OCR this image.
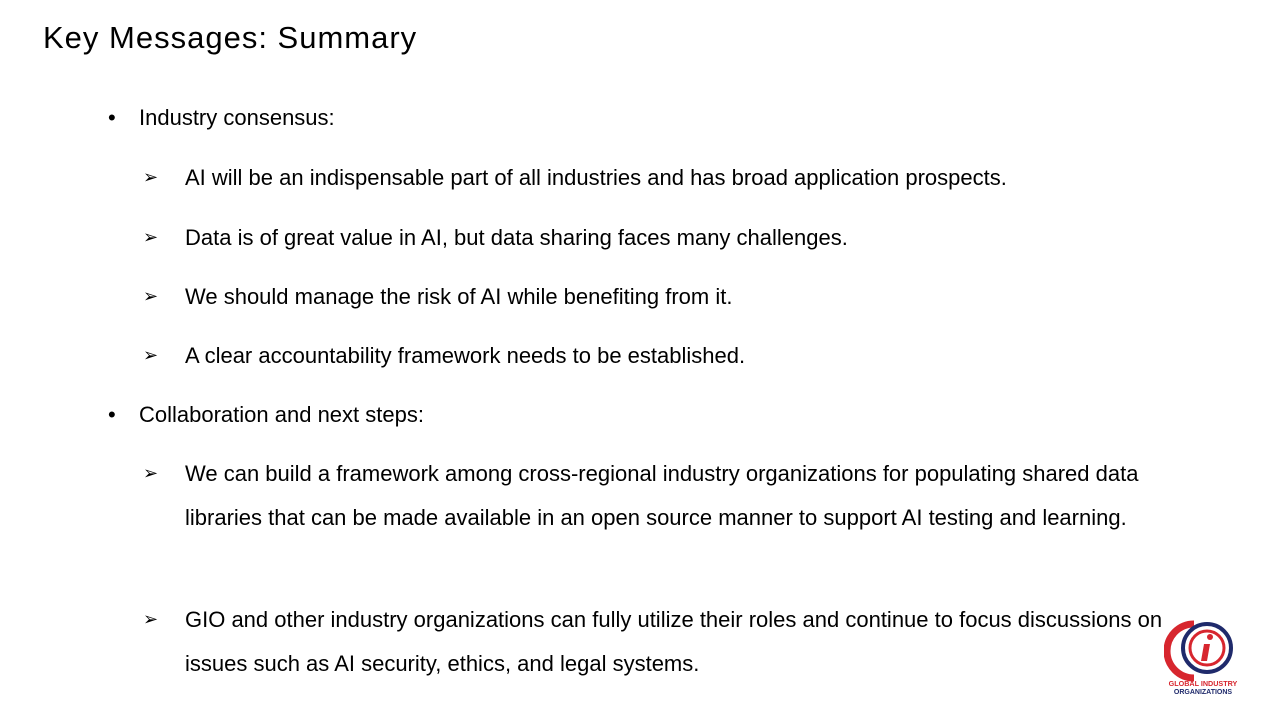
Key Messages: Summary
•	Industry consensus:
➢	AI will be an indispensable part of all industries and has broad application prospects.
➢	Data is of great value in AI, but data sharing faces many challenges.
➢	We should manage the risk of AI while benefiting from it.
➢	A clear accountability framework needs to be established.
•	Collaboration and next steps:
➢	We can build a framework among cross-regional industry organizations for populating shared data libraries that can be made available in an open source manner to support AI testing and learning.
➢	GIO and other industry organizations can fully utilize their roles and continue to focus discussions on issues such as AI security, ethics, and legal systems.
GLOBAL INDUSTRY
ORGANIZATIONS
